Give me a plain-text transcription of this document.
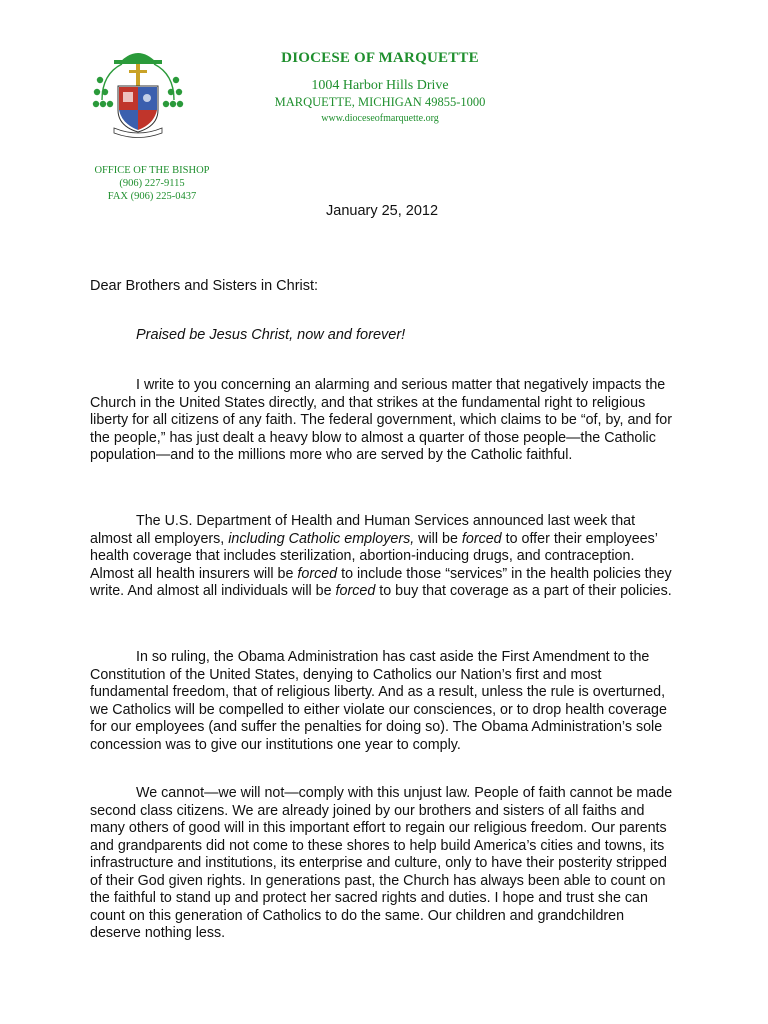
DIOCESE OF MARQUETTE
1004 Harbor Hills Drive
MARQUETTE, MICHIGAN 49855-1000
www.dioceseofmarquette.org
OFFICE OF THE BISHOP
(906) 227-9115
FAX (906) 225-0437
January 25, 2012
Dear Brothers and Sisters in Christ:
Praised be Jesus Christ, now and forever!
I write to you concerning an alarming and serious matter that negatively impacts the Church in the United States directly, and that strikes at the fundamental right to religious liberty for all citizens of any faith. The federal government, which claims to be “of, by, and for the people,” has just dealt a heavy blow to almost a quarter of those people—the Catholic population—and to the millions more who are served by the Catholic faithful.
The U.S. Department of Health and Human Services announced last week that almost all employers, including Catholic employers, will be forced to offer their employees’ health coverage that includes sterilization, abortion-inducing drugs, and contraception. Almost all health insurers will be forced to include those “services” in the health policies they write. And almost all individuals will be forced to buy that coverage as a part of their policies.
In so ruling, the Obama Administration has cast aside the First Amendment to the Constitution of the United States, denying to Catholics our Nation’s first and most fundamental freedom, that of religious liberty. And as a result, unless the rule is overturned, we Catholics will be compelled to either violate our consciences, or to drop health coverage for our employees (and suffer the penalties for doing so). The Obama Administration’s sole concession was to give our institutions one year to comply.
We cannot—we will not—comply with this unjust law. People of faith cannot be made second class citizens. We are already joined by our brothers and sisters of all faiths and many others of good will in this important effort to regain our religious freedom. Our parents and grandparents did not come to these shores to help build America’s cities and towns, its infrastructure and institutions, its enterprise and culture, only to have their posterity stripped of their God given rights. In generations past, the Church has always been able to count on the faithful to stand up and protect her sacred rights and duties. I hope and trust she can count on this generation of Catholics to do the same. Our children and grandchildren deserve nothing less.
